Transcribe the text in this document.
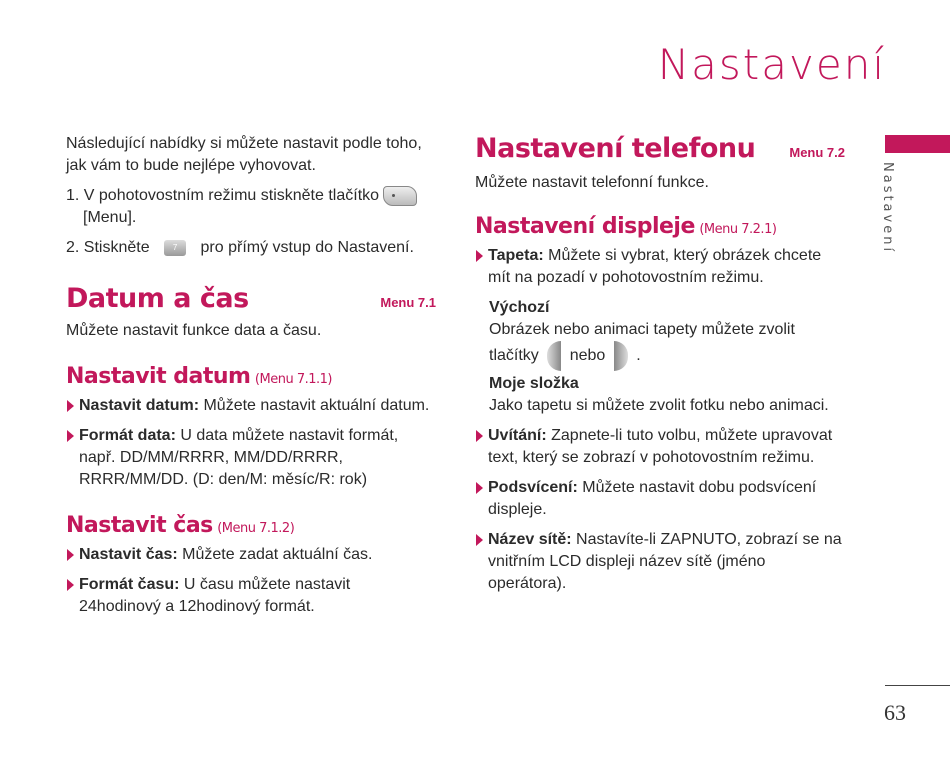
Nastavení
Nastavení
63

Následující nabídky si můžete nastavit podle toho, jak vám to bude nejlépe vyhovovat.

1. V pohotovostním režimu stiskněte tlačítko
[Menu].

2. Stiskněte	7 pro přímý vstup do Nastavení.

Datum a čas	Menu 7.1

Můžete nastavit funkce data a času.

Nastavit datum (Menu 7.1.1)

Nastavit datum: Můžete nastavit aktuální datum.

Formát data: U data můžete nastavit formát, např. DD/MM/RRRR, MM/DD/RRRR, RRRR/MM/DD. (D: den/M: měsíc/R: rok)

Nastavit čas (Menu 7.1.2)

Nastavit čas: Můžete zadat aktuální čas.

Formát času: U času můžete nastavit 24hodinový a 12hodinový formát.

Nastavení telefonu	Menu 7.2

Můžete nastavit telefonní funkce.

Nastavení displeje (Menu 7.2.1)

Tapeta: Můžete si vybrat, který obrázek chcete mít na pozadí v pohotovostním režimu.

Výchozí

Obrázek nebo animaci tapety můžete zvolit

tlačítky nebo .

Moje složka

Jako tapetu si můžete zvolit fotku nebo animaci.

Uvítání: Zapnete-li tuto volbu, můžete upravovat text, který se zobrazí v pohotovostním režimu.

Podsvícení: Můžete nastavit dobu podsvícení displeje.

Název sítě: Nastavíte-li ZAPNUTO, zobrazí se na vnitřním LCD displeji název sítě (jméno operátora).
